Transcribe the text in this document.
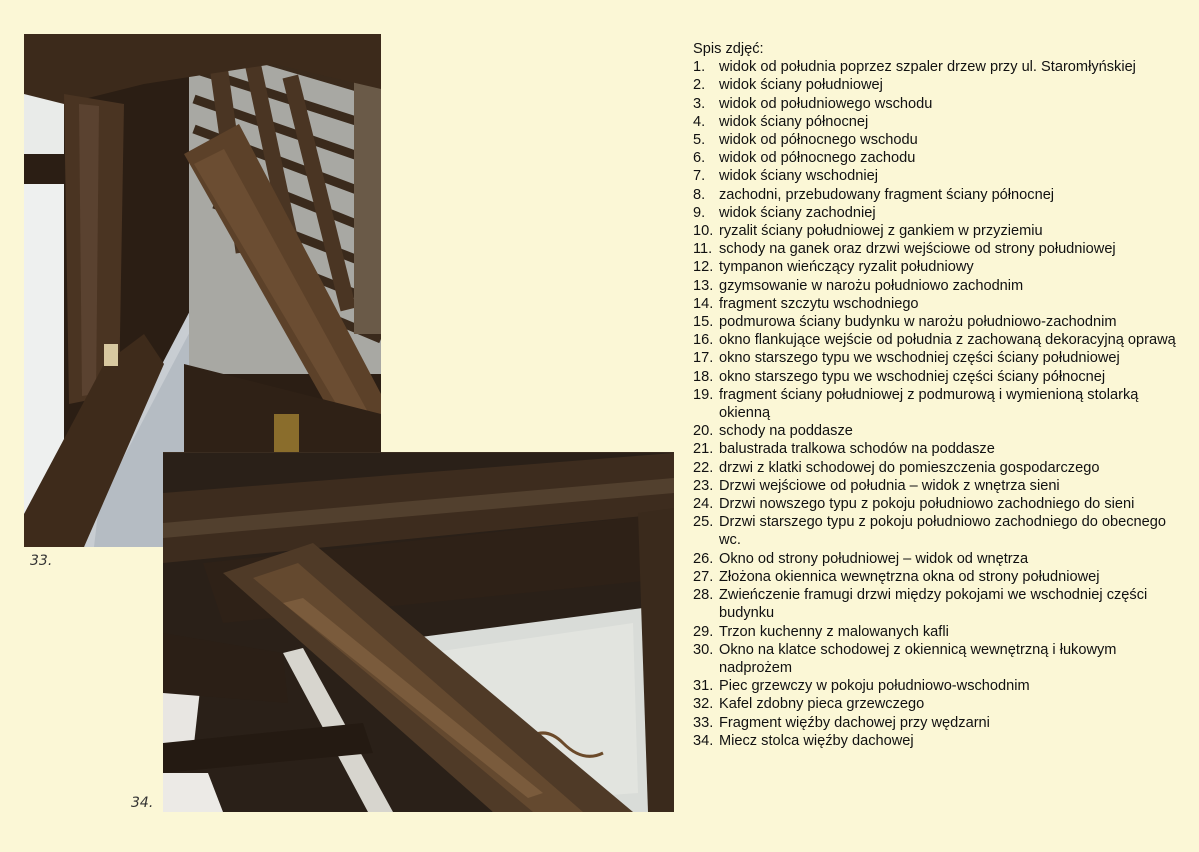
33.
34.
Spis zdjęć:
1. widok od południa poprzez szpaler drzew przy ul. Staromłyńskiej
2. widok ściany południowej
3. widok od południowego wschodu
4. widok ściany północnej
5. widok od północnego wschodu
6. widok od północnego zachodu
7. widok ściany wschodniej
8. zachodni, przebudowany fragment ściany północnej
9. widok ściany zachodniej
10. ryzalit ściany południowej z gankiem w przyziemiu
11. schody na ganek oraz drzwi wejściowe od strony południowej
12. tympanon wieńczący ryzalit południowy
13. gzymsowanie w narożu południowo zachodnim
14. fragment szczytu wschodniego
15. podmurowa ściany budynku w narożu południowo-zachodnim
16. okno flankujące wejście od południa z zachowaną dekoracyjną oprawą
17. okno starszego typu we wschodniej części ściany południowej
18. okno starszego typu we wschodniej części ściany północnej
19. fragment ściany południowej z podmurową i wymienioną stolarką okienną
20. schody na poddasze
21. balustrada tralkowa schodów na poddasze
22. drzwi z klatki schodowej do pomieszczenia gospodarczego
23. Drzwi wejściowe od południa – widok z wnętrza sieni
24. Drzwi nowszego typu z pokoju południowo zachodniego do sieni
25. Drzwi starszego typu z pokoju południowo zachodniego do obecnego wc.
26. Okno od strony południowej – widok od wnętrza
27. Złożona okiennica wewnętrzna okna od strony południowej
28. Zwieńczenie framugi drzwi między pokojami we wschodniej części budynku
29. Trzon kuchenny z malowanych kafli
30. Okno na klatce schodowej z okiennicą wewnętrzną i łukowym nadprożem
31. Piec grzewczy w pokoju południowo-wschodnim
32. Kafel zdobny pieca grzewczego
33. Fragment więźby dachowej przy wędzarni
34. Miecz stolca więźby dachowej
